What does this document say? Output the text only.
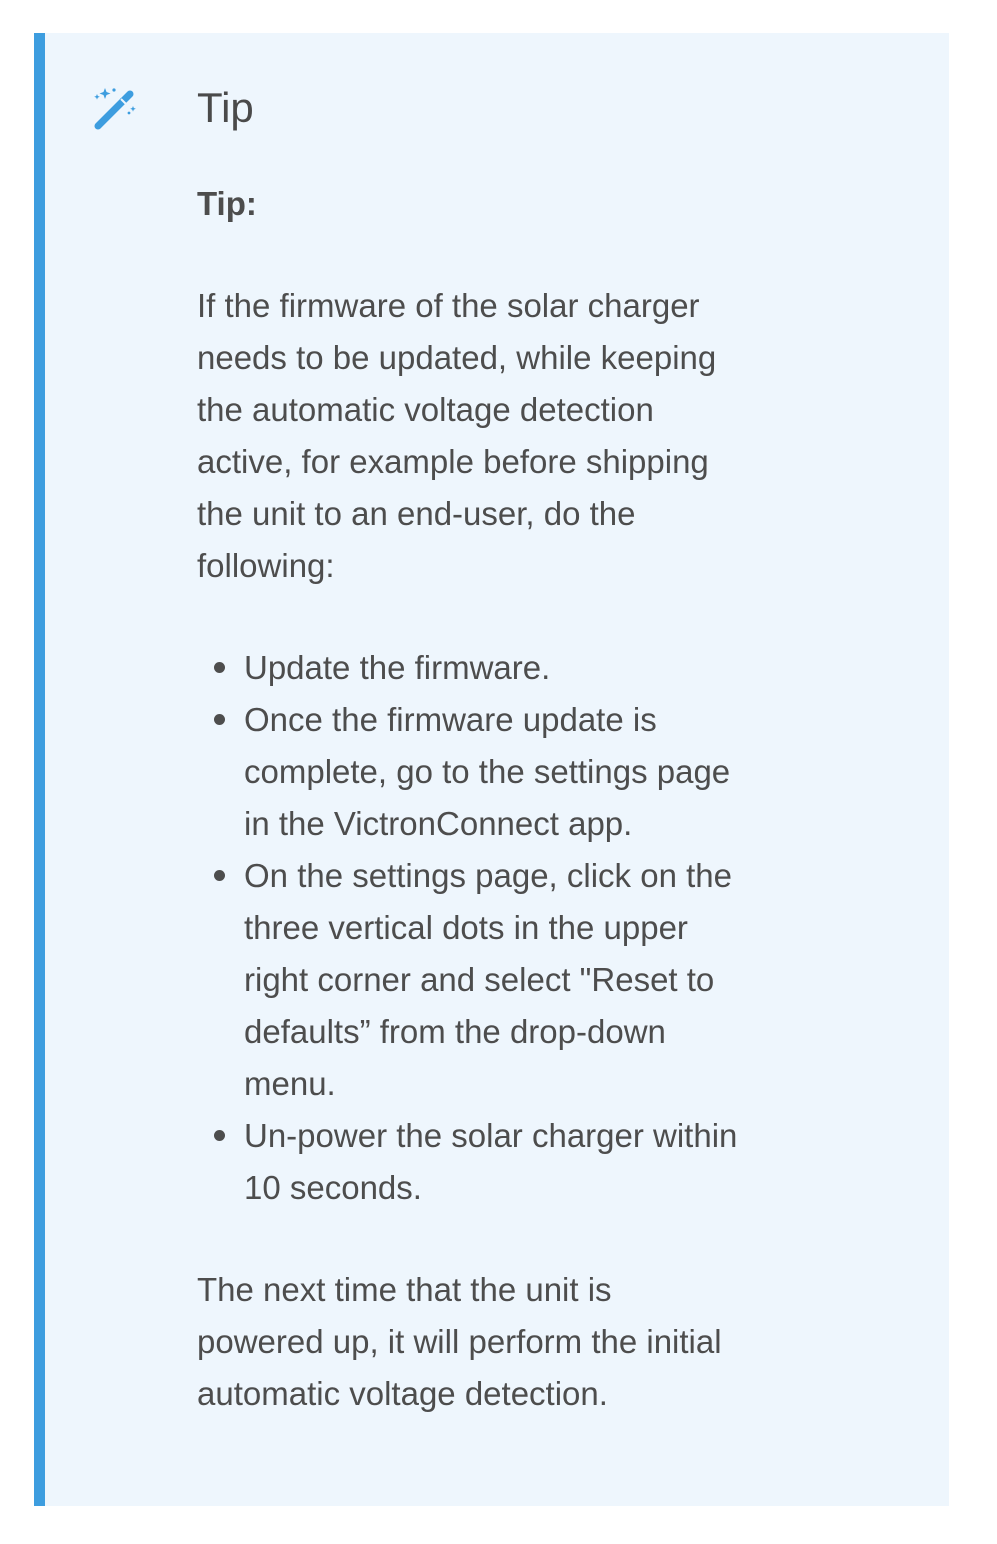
Tip

Tip:

If the firmware of the solar charger
needs to be updated, while keeping
the automatic voltage detection
active, for example before shipping
the unit to an end-user, do the
following:

Update the firmware.
Once the firmware update is
complete, go to the settings page
in the VictronConnect app.
On the settings page, click on the
three vertical dots in the upper
right corner and select "Reset to
defaults” from the drop-down
menu.
Un-power the solar charger within
10 seconds.

The next time that the unit is
powered up, it will perform the initial
automatic voltage detection.
